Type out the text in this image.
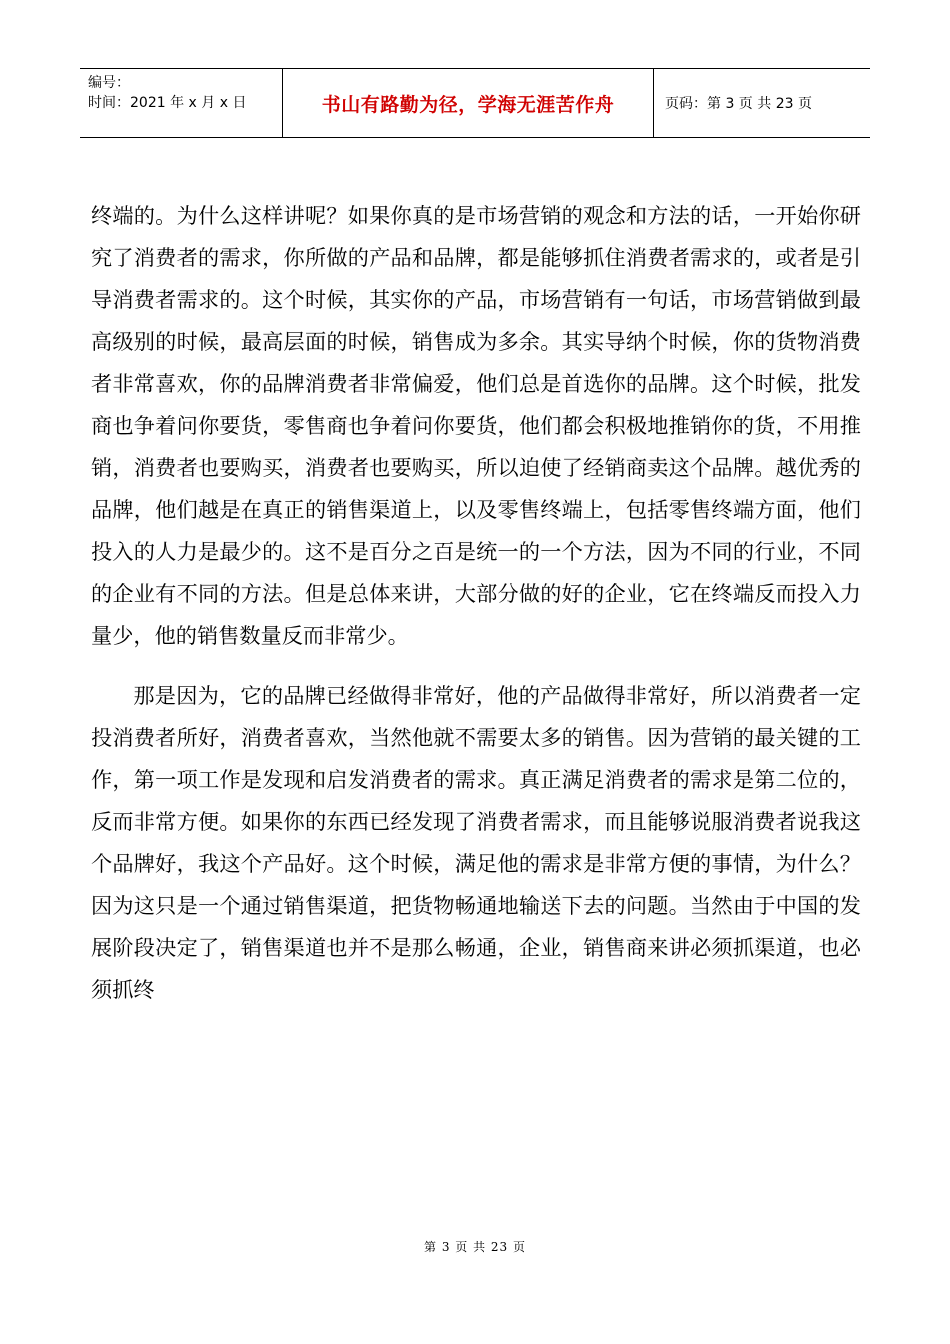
编号：
时间：2021 年 x 月 x 日	书山有路勤为径，学海无涯苦作舟	页码：第 3 页 共 23 页

终端的。为什么这样讲呢？如果你真的是市场营销的观念和方法的话，一开始你研究了消费者的需求，你所做的产品和品牌，都是能够抓住消费者需求的，或者是引导消费者需求的。这个时候，其实你的产品，市场营销有一句话，市场营销做到最高级别的时候，最高层面的时候，销售成为多余。其实导纳个时候，你的货物消费者非常喜欢，你的品牌消费者非常偏爱，他们总是首选你的品牌。这个时候，批发商也争着问你要货，零售商也争着问你要货，他们都会积极地推销你的货，不用推销，消费者也要购买，消费者也要购买，所以迫使了经销商卖这个品牌。越优秀的品牌，他们越是在真正的销售渠道上，以及零售终端上，包括零售终端方面，他们投入的人力是最少的。这不是百分之百是统一的一个方法，因为不同的行业，不同的企业有不同的方法。但是总体来讲，大部分做的好的企业，它在终端反而投入力量少，他的销售数量反而非常少。

那是因为，它的品牌已经做得非常好，他的产品做得非常好，所以消费者一定投消费者所好，消费者喜欢，当然他就不需要太多的销售。因为营销的最关键的工作，第一项工作是发现和启发消费者的需求。真正满足消费者的需求是第二位的，反而非常方便。如果你的东西已经发现了消费者需求，而且能够说服消费者说我这个品牌好，我这个产品好。这个时候，满足他的需求是非常方便的事情，为什么？因为这只是一个通过销售渠道，把货物畅通地输送下去的问题。当然由于中国的发展阶段决定了，销售渠道也并不是那么畅通，企业，销售商来讲必须抓渠道，也必须抓终

第 3 页 共 23 页
